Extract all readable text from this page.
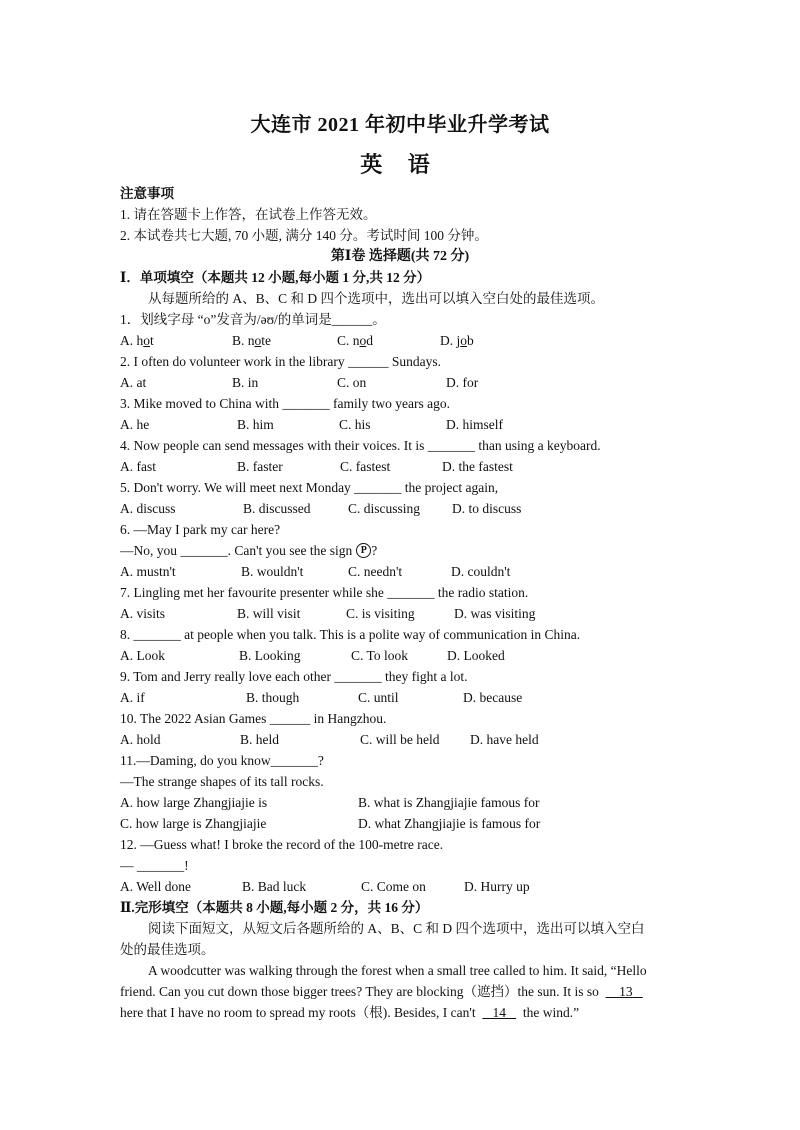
大连市 2021 年初中毕业升学考试
英 语
注意事项
1. 请在答题卡上作答，在试卷上作答无效。
2. 本试卷共七大题, 70 小题, 满分 140 分。考试时间 100 分钟。
第Ⅰ卷 选择题(共 72 分)
Ⅰ．单项填空（本题共 12 小题,每小题 1 分,共 12 分）
从每题所给的 A、B、C 和 D 四个选项中，选出可以填入空白处的最佳选项。
1．划线字母 “o”发音为/əʊ/的单词是______。
A. hot	B. note	C. nod	D. job
2. I often do volunteer work in the library ______ Sundays.
A. at	B. in	C. on	D. for
3. Mike moved to China with _______ family two years ago.
A. he	B. him	C. his	D. himself
4. Now people can send messages with their voices. It is _______ than using a keyboard.
A. fast	B. faster	C. fastest	D. the fastest
5. Don't worry. We will meet next Monday _______ the project again,
A. discuss	B. discussed	C. discussing D. to discuss
6. —May I park my car here?
—No, you _______. Can't you see the sign P ?
A. mustn't	B. wouldn't	C. needn't	D. couldn't
7. Lingling met her favourite presenter while she _______ the radio station.
A. visits	B. will visit	C. is visiting	D. was visiting
8. _______ at people when you talk. This is a polite way of communication in China.
A. Look	B. Looking	C. To look	D. Looked
9. Tom and Jerry really love each other _______ they fight a lot.
A. if	B. though	C. until	D. because
10. The 2022 Asian Games ______ in Hangzhou.
A. hold	B. held	C. will be held D. have held
11.—Daming, do you know_______?
—The strange shapes of its tall rocks.
A. how large Zhangjiajie is	B. what is Zhangjiajie famous for
C. how large is Zhangjiajie	D. what Zhangjiajie is famous for
12. —Guess what! I broke the record of the 100-metre race.
— _______!
A. Well done	B. Bad luck	C. Come on	D. Hurry up
Ⅱ.完形填空（本题共 8 小题,每小题 2 分，共 16 分）
阅读下面短文，从短文后各题所给的 A、B、C 和 D 四个选项中，选出可以填入空白
处的最佳选项。
A woodcutter was walking through the forest when a small tree called to him. It said, “Hello
friend. Can you cut down those bigger trees? They are blocking（遮挡）the sun. It is so 13
here that I have no room to spread my roots（根). Besides, I can't 14 the wind.”
